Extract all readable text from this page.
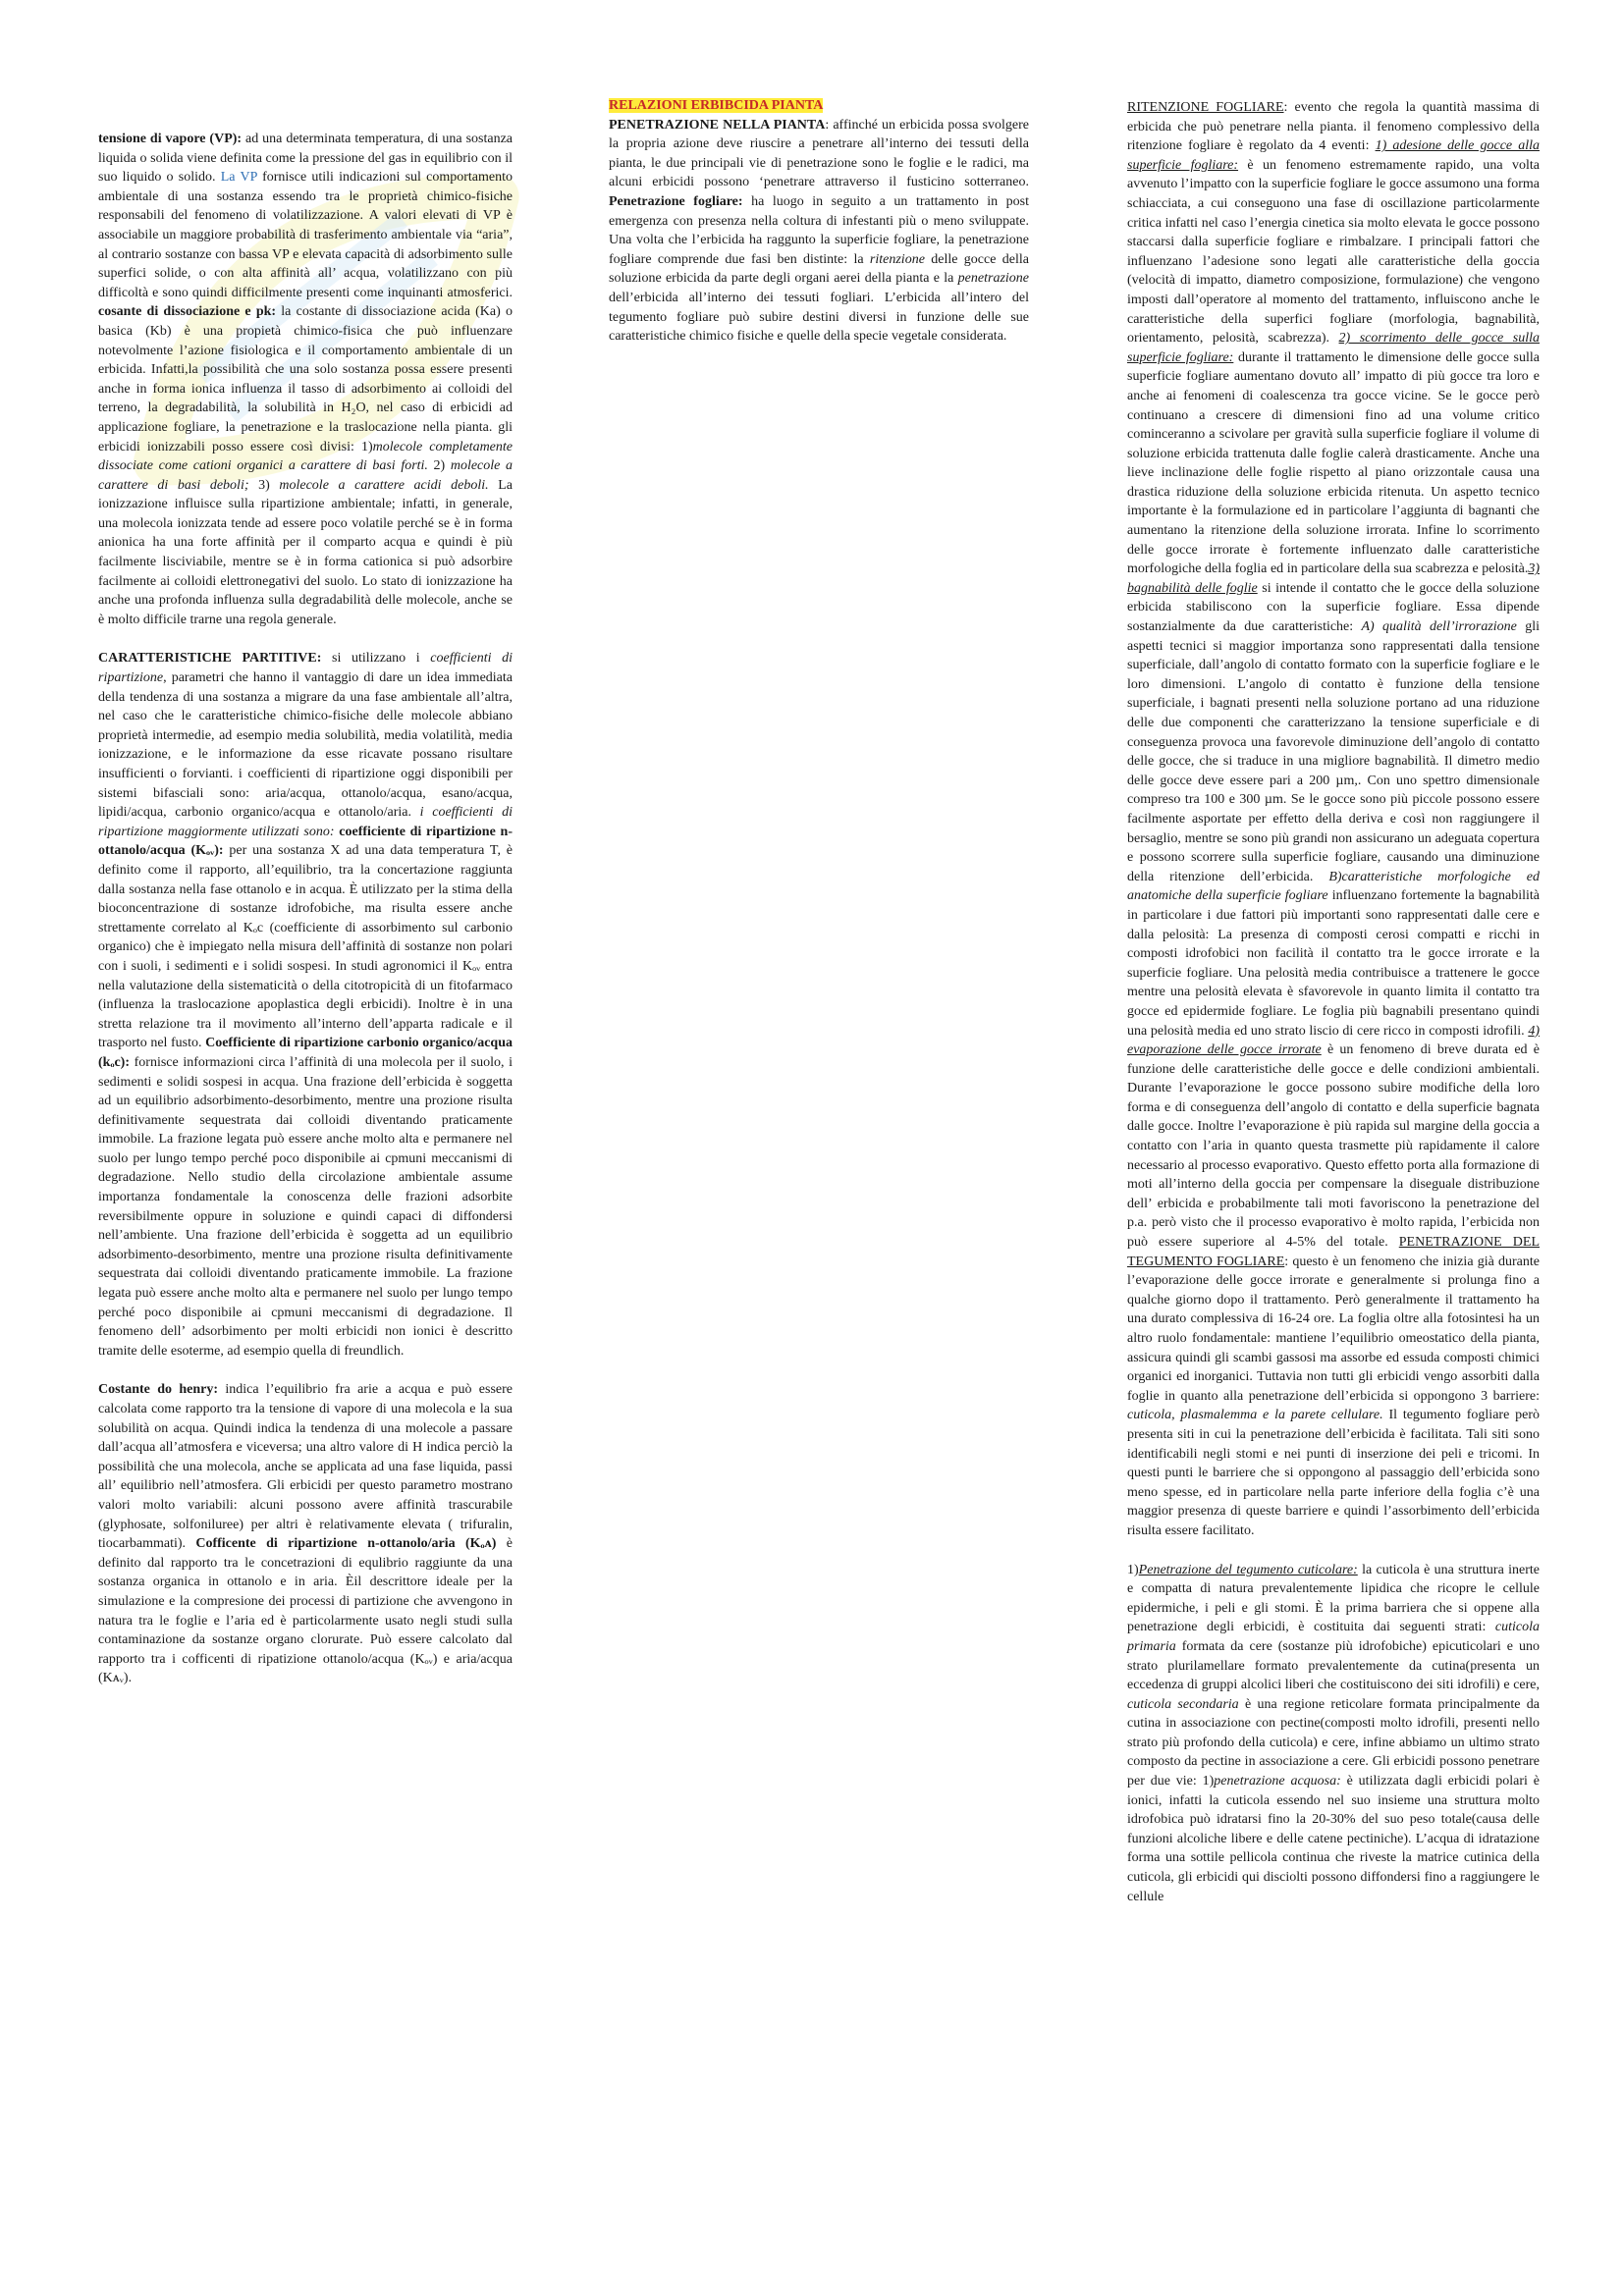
tensione di vapore (VP): ad una determinata temperatura, di una sostanza liquida o solida viene definita come la pressione del gas in equilibrio con il suo liquido o solido. La VP fornisce utili indicazioni sul comportamento ambientale di una sostanza essendo tra le proprietà chimico-fisiche responsabili del fenomeno di volatilizzazione. A valori elevati di VP è associabile un maggiore probabilità di trasferimento ambientale via “aria”, al contrario sostanze con bassa VP e elevata capacità di adsorbimento sulle superfici solide, o con alta affinità all’ acqua, volatilizzano con più difficoltà e sono quindi difficilmente presenti come inquinanti atmosferici. cosante di dissociazione e pk: la costante di dissociazione acida (Ka) o basica (Kb) è una propietà chimico-fisica che può influenzare notevolmente l’azione fisiologica e il comportamento ambientale di un erbicida. Infatti,la possibilità che una solo sostanza possa essere presenti anche in forma ionica influenza il tasso di adsorbimento ai colloidi del terreno, la degradabilità, la solubilità in H₂O, nel caso di erbicidi ad applicazione fogliare, la penetrazione e la traslocazione nella pianta. gli erbicidi ionizzabili posso essere così divisi: 1)molecole completamente dissociate come cationi organici a carattere di basi forti. 2) molecole a carattere di basi deboli; 3) molecole a carattere acidi deboli. La ionizzazione influisce sulla ripartizione ambientale; infatti, in generale, una molecola ionizzata tende ad essere poco volatile perché se è in forma anionica ha una forte affinità per il comparto acqua e quindi è più facilmente lisciviabile, mentre se è in forma cationica si può adsorbire facilmente ai colloidi elettronegativi del suolo. Lo stato di ionizzazione ha anche una profonda influenza sulla degradabilità delle molecole, anche se è molto difficile trarne una regola generale.

CARATTERISTICHE PARTITIVE: si utilizzano i coefficienti di ripartizione, parametri che hanno il vantaggio di dare un idea immediata della tendenza di una sostanza a migrare da una fase ambientale all’altra, nel caso che le caratteristiche chimico-fisiche delle molecole abbiano proprietà intermedie, ad esempio media solubilità, media volatilità, media ionizzazione, e le informazione da esse ricavate possano risultare insufficienti o forvianti. i coefficienti di ripartizione oggi disponibili per sistemi bifasciali sono: aria/acqua, ottanolo/acqua, esano/acqua, lipidi/acqua, carbonio organico/acqua e ottanolo/aria. i coefficienti di ripartizione maggiormente utilizzati sono: coefficiente di ripartizione n-ottanolo/acqua (Kₒᵥ): per una sostanza X ad una data temperatura T, è definito come il rapporto, all’equilibrio, tra la concertazione raggiunta dalla sostanza nella fase ottanolo e in acqua. È utilizzato per la stima della bioconcentrazione di sostanze idrofobiche, ma risulta essere anche strettamente correlato al Kₒc (coefficiente di assorbimento sul carbonio organico) che è impiegato nella misura dell’affinità di sostanze non polari con i suoli, i sedimenti e i solidi sospesi. In studi agronomici il Kₒᵥ entra nella valutazione della sistematicità o della citotropicità di un fitofarmaco (influenza la traslocazione apoplastica degli erbicidi). Inoltre è in una stretta relazione tra il movimento all’interno dell’apparta radicale e il trasporto nel fusto. Coefficiente di ripartizione carbonio organico/acqua (kₒc): fornisce informazioni circa l’affinità di una molecola per il suolo, i sedimenti e solidi sospesi in acqua. Una frazione dell’erbicida è soggetta ad un equilibrio adsorbimento-desorbimento, mentre una prozione risulta definitivamente sequestrata dai colloidi diventando praticamente immobile. La frazione legata può essere anche molto alta e permanere nel suolo per lungo tempo perché poco disponibile ai cpmuni meccanismi di degradazione. Nello studio della circolazione ambientale assume importanza fondamentale la conoscenza delle frazioni adsorbite reversibilmente oppure in soluzione e quindi capaci di diffondersi nell’ambiente. Una frazione dell’erbicida è soggetta ad un equilibrio adsorbimento-desorbimento, mentre una prozione risulta definitivamente sequestrata dai colloidi diventando praticamente immobile. La frazione legata può essere anche molto alta e permanere nel suolo per lungo tempo perché poco disponibile ai cpmuni meccanismi di degradazione. Il fenomeno dell’ adsorbimento per molti erbicidi non ionici è descritto tramite delle esoterme, ad esempio quella di freundlich.

Costante do henry: indica l’equilibrio fra arie a acqua e può essere calcolata come rapporto tra la tensione di vapore di una molecola e la sua solubilità on acqua. Quindi indica la tendenza di una molecole a passare dall’acqua all’atmosfera e viceversa; una altro valore di H indica perciò la possibilità che una molecola, anche se applicata ad una fase liquida, passi all’ equilibrio nell’atmosfera. Gli erbicidi per questo parametro mostrano valori molto variabili: alcuni possono avere affinità trascurabile (glyphosate, solfoniluree) per altri è relativamente elevata ( trifuralin, tiocarbammati). Cofficente di ripartizione n-ottanolo/aria (Kₒᴀ) è definito dal rapporto tra le concetrazioni di equlibrio raggiunte da una sostanza organica in ottanolo e in aria. Èil descrittore ideale per la simulazione e la compresione dei processi di partizione che avvengono in natura tra le foglie e l’aria ed è particolarmente usato negli studi sulla contaminazione da sostanze organo clorurate. Può essere calcolato dal rapporto tra i cofficenti di ripatizione ottanolo/acqua (Kₒᵥ) e aria/acqua (Kᴀᵥ).

RELAZIONI ERBIBCIDA PIANTA

PENETRAZIONE NELLA PIANTA: affinché un erbicida possa svolgere la propria azione deve riuscire a penetrare all’interno dei tessuti della pianta, le due principali vie di penetrazione sono le foglie e le radici, ma alcuni erbicidi possono ‘penetrare attraverso il fusticino sotterraneo. Penetrazione fogliare: ha luogo in seguito a un trattamento in post emergenza con presenza nella coltura di infestanti più o meno sviluppate. Una volta che l’erbicida ha raggunto la superficie fogliare, la penetrazione fogliare comprende due fasi ben distinte: la ritenzione delle gocce della soluzione erbicida da parte degli organi aerei della pianta e la penetrazione dell’erbicida all’interno dei tessuti fogliari. L’erbicida all’intero del tegumento fogliare può subire destini diversi in funzione delle sue caratteristiche chimico fisiche e quelle della specie vegetale considerata.

RITENZIONE FOGLIARE: evento che regola la quantità massima di erbicida che può penetrare nella pianta. il fenomeno complessivo della ritenzione fogliare è regolato da 4 eventi: 1) adesione delle gocce alla superficie fogliare: è un fenomeno estremamente rapido, una volta avvenuto l’impatto con la superficie fogliare le gocce assumono una forma schiacciata, a cui conseguono una fase di oscillazione particolarmente critica infatti nel caso l’energia cinetica sia molto elevata le gocce possono staccarsi dalla superficie fogliare e rimbalzare. I principali fattori che influenzano l’adesione sono legati alle caratteristiche della goccia (velocità di impatto, diametro composizione, formulazione) che vengono imposti dall’operatore al momento del trattamento, influiscono anche le caratteristiche della superfici fogliare (morfologia, bagnabilità, orientamento, pelosità, scabrezza). 2) scorrimento delle gocce sulla superficie fogliare: durante il trattamento le dimensione delle gocce sulla superficie fogliare aumentano dovuto all’ impatto di più gocce tra loro e anche ai fenomeni di coalescenza tra gocce vicine. Se le gocce però continuano a crescere di dimensioni fino ad una volume critico cominceranno a scivolare per gravità sulla superficie fogliare il volume di soluzione erbicida trattenuta dalle foglie calerà drasticamente. Anche una lieve inclinazione delle foglie rispetto al piano orizzontale causa una drastica riduzione della soluzione erbicida ritenuta. Un aspetto tecnico importante è la formulazione ed in particolare l’aggiunta di bagnanti che aumentano la ritenzione della soluzione irrorata. Infine lo scorrimento delle gocce irrorate è fortemente influenzato dalle caratteristiche morfologiche della foglia ed in particolare della sua scabrezza e pelosità.3) bagnabilità delle foglie si intende il contatto che le gocce della soluzione erbicida stabiliscono con la superficie fogliare. Essa dipende sostanzialmente da due caratteristiche: A) qualità dell’irrorazione gli aspetti tecnici si maggior importanza sono rappresentati dalla tensione superficiale, dall’angolo di contatto formato con la superficie fogliare e le loro dimensioni. L’angolo di contatto è funzione della tensione superficiale, i bagnati presenti nella soluzione portano ad una riduzione delle due componenti che caratterizzano la tensione superficiale e di conseguenza provoca una favorevole diminuzione dell’angolo di contatto delle gocce, che si traduce in una migliore bagnabilità. Il dimetro medio delle gocce deve essere pari a 200 µm,. Con uno spettro dimensionale compreso tra 100 e 300 µm. Se le gocce sono più piccole possono essere facilmente asportate per effetto della deriva e così non raggiungere il bersaglio, mentre se sono più grandi non assicurano un adeguata copertura e possono scorrere sulla superficie fogliare, causando una diminuzione della ritenzione dell’erbicida. B)caratteristiche morfologiche ed anatomiche della superficie fogliare influenzano fortemente la bagnabilità in particolare i due fattori più importanti sono rappresentati dalle cere e dalla pelosità: La presenza di composti cerosi compatti e ricchi in composti idrofobici non facilità il contatto tra le gocce irrorate e la superficie fogliare. Una pelosità media contribuisce a trattenere le gocce mentre una pelosità elevata è sfavorevole in quanto limita il contatto tra gocce ed epidermide fogliare. Le foglia più bagnabili presentano quindi una pelosità media ed uno strato liscio di cere ricco in composti idrofili. 4) evaporazione delle gocce irrorate è un fenomeno di breve durata ed è funzione delle caratteristiche delle gocce e delle condizioni ambientali. Durante l’evaporazione le gocce possono subire modifiche della loro forma e di conseguenza dell’angolo di contatto e della superficie bagnata dalle gocce. Inoltre l’evaporazione è più rapida sul margine della goccia a contatto con l’aria in quanto questa trasmette più rapidamente il calore necessario al processo evaporativo. Questo effetto porta alla formazione di moti all’interno della goccia per compensare la diseguale distribuzione dell’ erbicida e probabilmente tali moti favoriscono la penetrazione del p.a. però visto che il processo evaporativo è molto rapida, l’erbicida non può essere superiore al 4-5% del totale. PENETRAZIONE DEL TEGUMENTO FOGLIARE: questo è un fenomeno che inizia già durante l’evaporazione delle gocce irrorate e generalmente si prolunga fino a qualche giorno dopo il trattamento. Però generalmente il trattamento ha una durato complessiva di 16-24 ore. La foglia oltre alla fotosintesi ha un altro ruolo fondamentale: mantiene l’equilibrio omeostatico della pianta, assicura quindi gli scambi gassosi ma assorbe ed essuda composti chimici organici ed inorganici. Tuttavia non tutti gli erbicidi vengo assorbiti dalla foglie in quanto alla penetrazione dell’erbicida si oppongono 3 barriere: cuticola, plasmalemma e la parete cellulare. Il tegumento fogliare però presenta siti in cui la penetrazione dell’erbicida è facilitata. Tali siti sono identificabili negli stomi e nei punti di inserzione dei peli e tricomi. In questi punti le barriere che si oppongono al passaggio dell’erbicida sono meno spesse, ed in particolare nella parte inferiore della foglia c’è una maggior presenza di queste barriere e quindi l’assorbimento dell’erbicida risulta essere facilitato.

1)Penetrazione del tegumento cuticolare: la cuticola è una struttura inerte e compatta di natura prevalentemente lipidica che ricopre le cellule epidermiche, i peli e gli stomi. È la prima barriera che si oppene alla penetrazione degli erbicidi, è costituita dai seguenti strati: cuticola primaria formata da cere (sostanze più idrofobiche) epicuticolari e uno strato plurilamellare formato prevalentemente da cutina(presenta un eccedenza di gruppi alcolici liberi che costituiscono dei siti idrofili) e cere, cuticola secondaria è una regione reticolare formata principalmente da cutina in associazione con pectine(composti molto idrofili, presenti nello strato più profondo della cuticola) e cere, infine abbiamo un ultimo strato composto da pectine in associazione a cere. Gli erbicidi possono penetrare per due vie: 1)penetrazione acquosa: è utilizzata dagli erbicidi polari è ionici, infatti la cuticola essendo nel suo insieme una struttura molto idrofobica può idratarsi fino la 20-30% del suo peso totale(causa delle funzioni alcoliche libere e delle catene pectiniche). L’acqua di idratazione forma una sottile pellicola continua che riveste la matrice cutinica della cuticola, gli erbicidi qui disciolti possono diffondersi fino a raggiungere le cellule
